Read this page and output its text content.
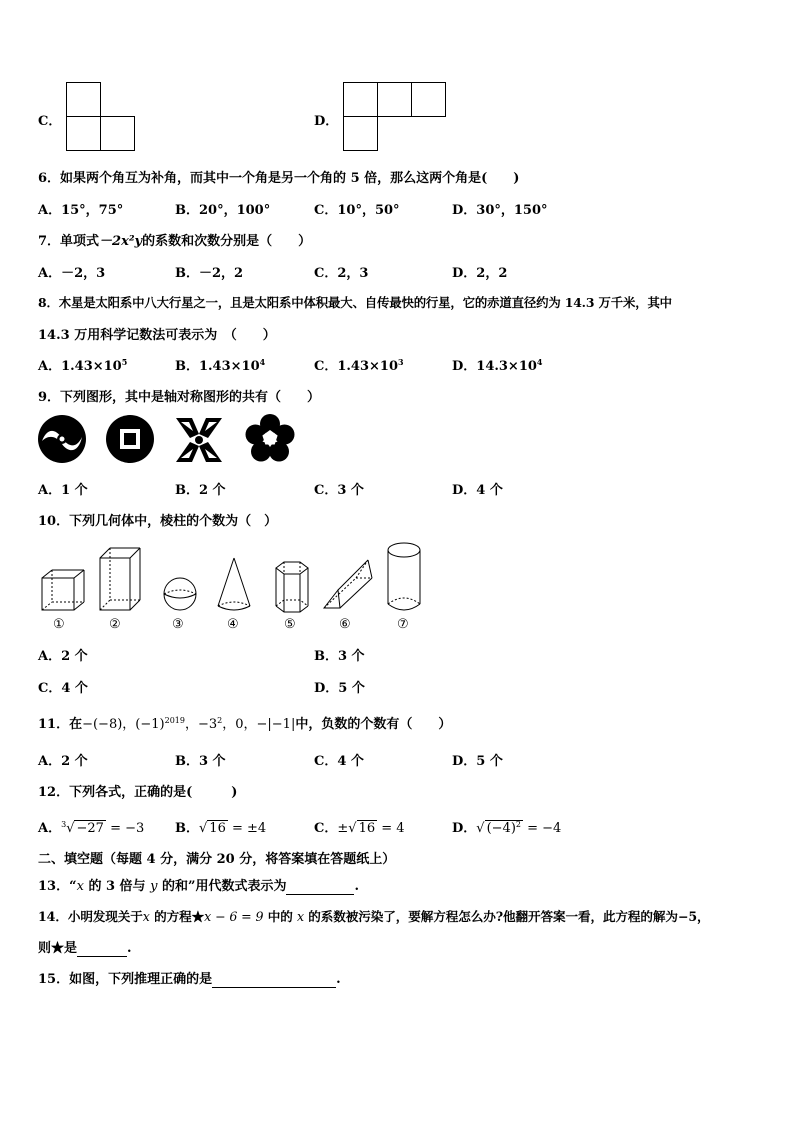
C．	D．
6．如果两个角互为补角，而其中一个角是另一个角的 5 倍，那么这两个角是(　　)
A．15°，75°	B．20°，100°	C．10°，50°	D．30°，150°
7．单项式－2x²y的系数和次数分别是（　　）
A．－2，3	B．－2，2	C．2，3	D．2，2
8．木星是太阳系中八大行星之一，且是太阳系中体积最大、自传最快的行星，它的赤道直径约为 14.3 万千米，其中
14.3 万用科学记数法可表示为　（　　）
A．$1.43\times 10^5$	B．$1.43\times 10^4$	C．$1.43\times 10^3$	D．$14.3\times 10^4$
9．下列图形，其中是轴对称图形的共有（　　）
A．1 个	B．2 个	C．3 个	D．4 个
10．下列几何体中，棱柱的个数为（　）
①	②	③	④	⑤	⑥	⑦
A．2 个	B．3 个
C．4 个	D．5 个
11．在−(−8)，$(-1)^{2019}$，$-3^2$，0，−|−1|中，负数的个数有（　　）
A．2 个	B．3 个	C．4 个	D．5 个
12．下列各式，正确的是(　　　)
A．$^3$√ −27 = −3 B．√ 16 = ±4	C．±√ 16 = 4	D．√ $(-4)^2 = -4$
二、填空题（每题 4 分，满分 20 分，将答案填在答题纸上）
13．“x 的 3 倍与 y 的和”用代数式表示为	.
14．小明发现关于x 的方程★x − 6 = 9 中的 x 的系数被污染了，要解方程怎么办?他翻开答案一看，此方程的解为−5，
则★是	.
15．如图，下列推理正确的是	.
